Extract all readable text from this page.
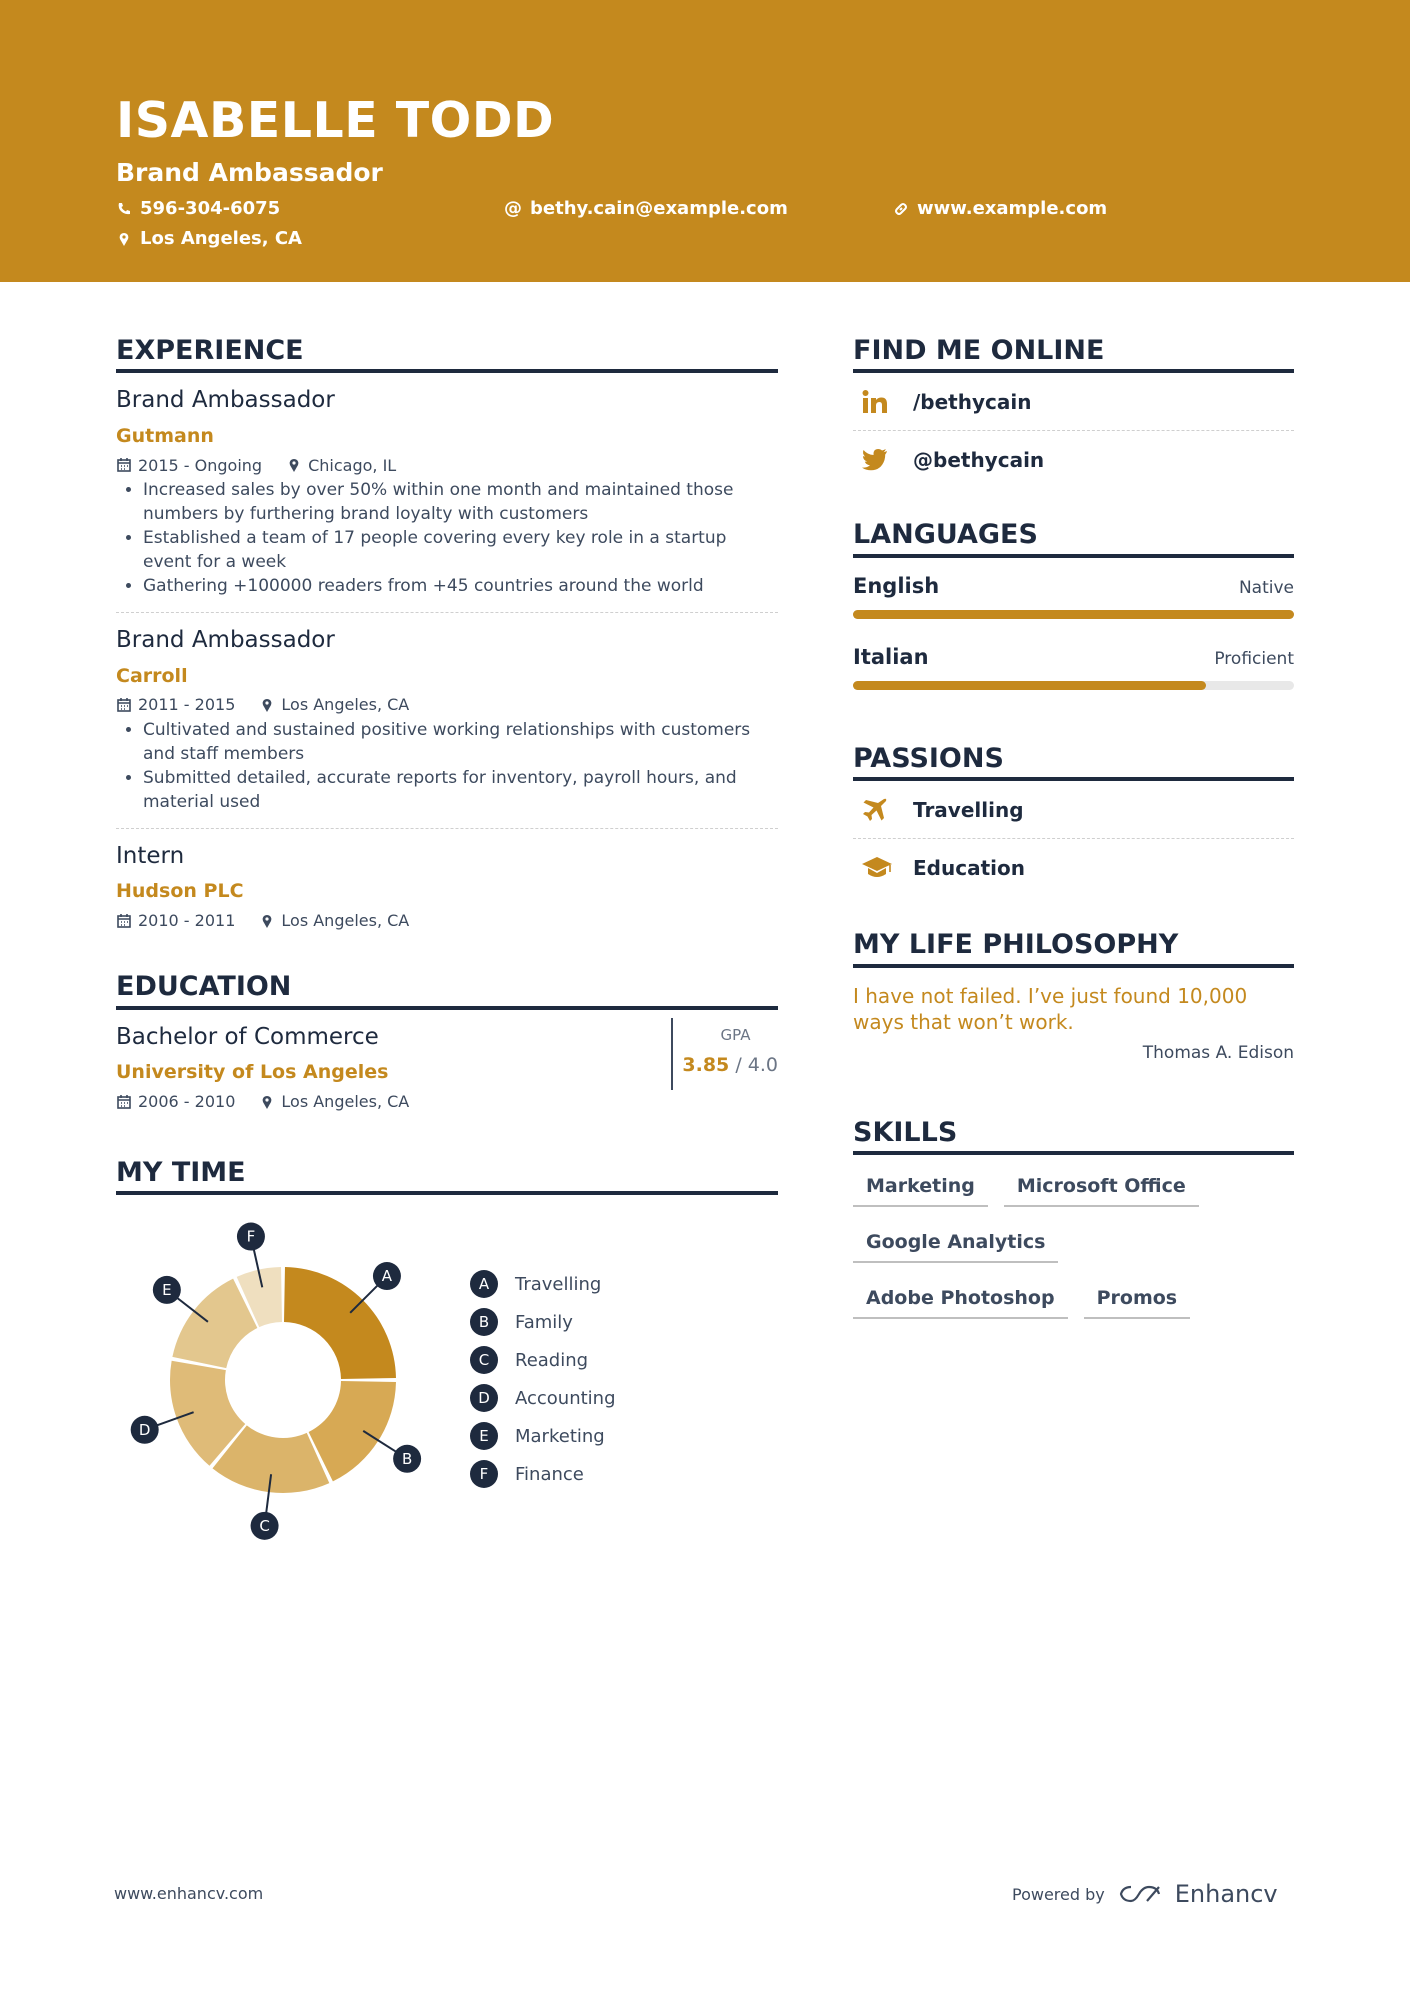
ISABELLE TODD
Brand Ambassador
596-304-6075	@ bethy.cain@example.com	www.example.com
Los Angeles, CA
EXPERIENCE
Brand Ambassador
Gutmann
2015 - Ongoing	Chicago, IL
• Increased sales by over 50% within one month and maintained those numbers by furthering brand loyalty with customers
• Established a team of 17 people covering every key role in a startup event for a week
• Gathering +100000 readers from +45 countries around the world
Brand Ambassador
Carroll
2011 - 2015	Los Angeles, CA
• Cultivated and sustained positive working relationships with customers and staff members
• Submitted detailed, accurate reports for inventory, payroll hours, and material used
Intern
Hudson PLC
2010 - 2011	Los Angeles, CA
EDUCATION
Bachelor of Commerce
University of Los Angeles
2006 - 2010	Los Angeles, CA
GPA
3.85 / 4.0
MY TIME
A
B
C
D
E
F
A	Travelling
B	Family
C	Reading
D	Accounting
E	Marketing
F	Finance
FIND ME ONLINE
/bethycain
@bethycain
LANGUAGES
English	Native
Italian	Proficient
PASSIONS
Travelling
Education
MY LIFE PHILOSOPHY
I have not failed. I’ve just found 10,000 ways that won’t work.
Thomas A. Edison
SKILLS
Marketing	Microsoft Office
Google Analytics
Adobe Photoshop	Promos
www.enhancv.com	Powered by	Enhancv
